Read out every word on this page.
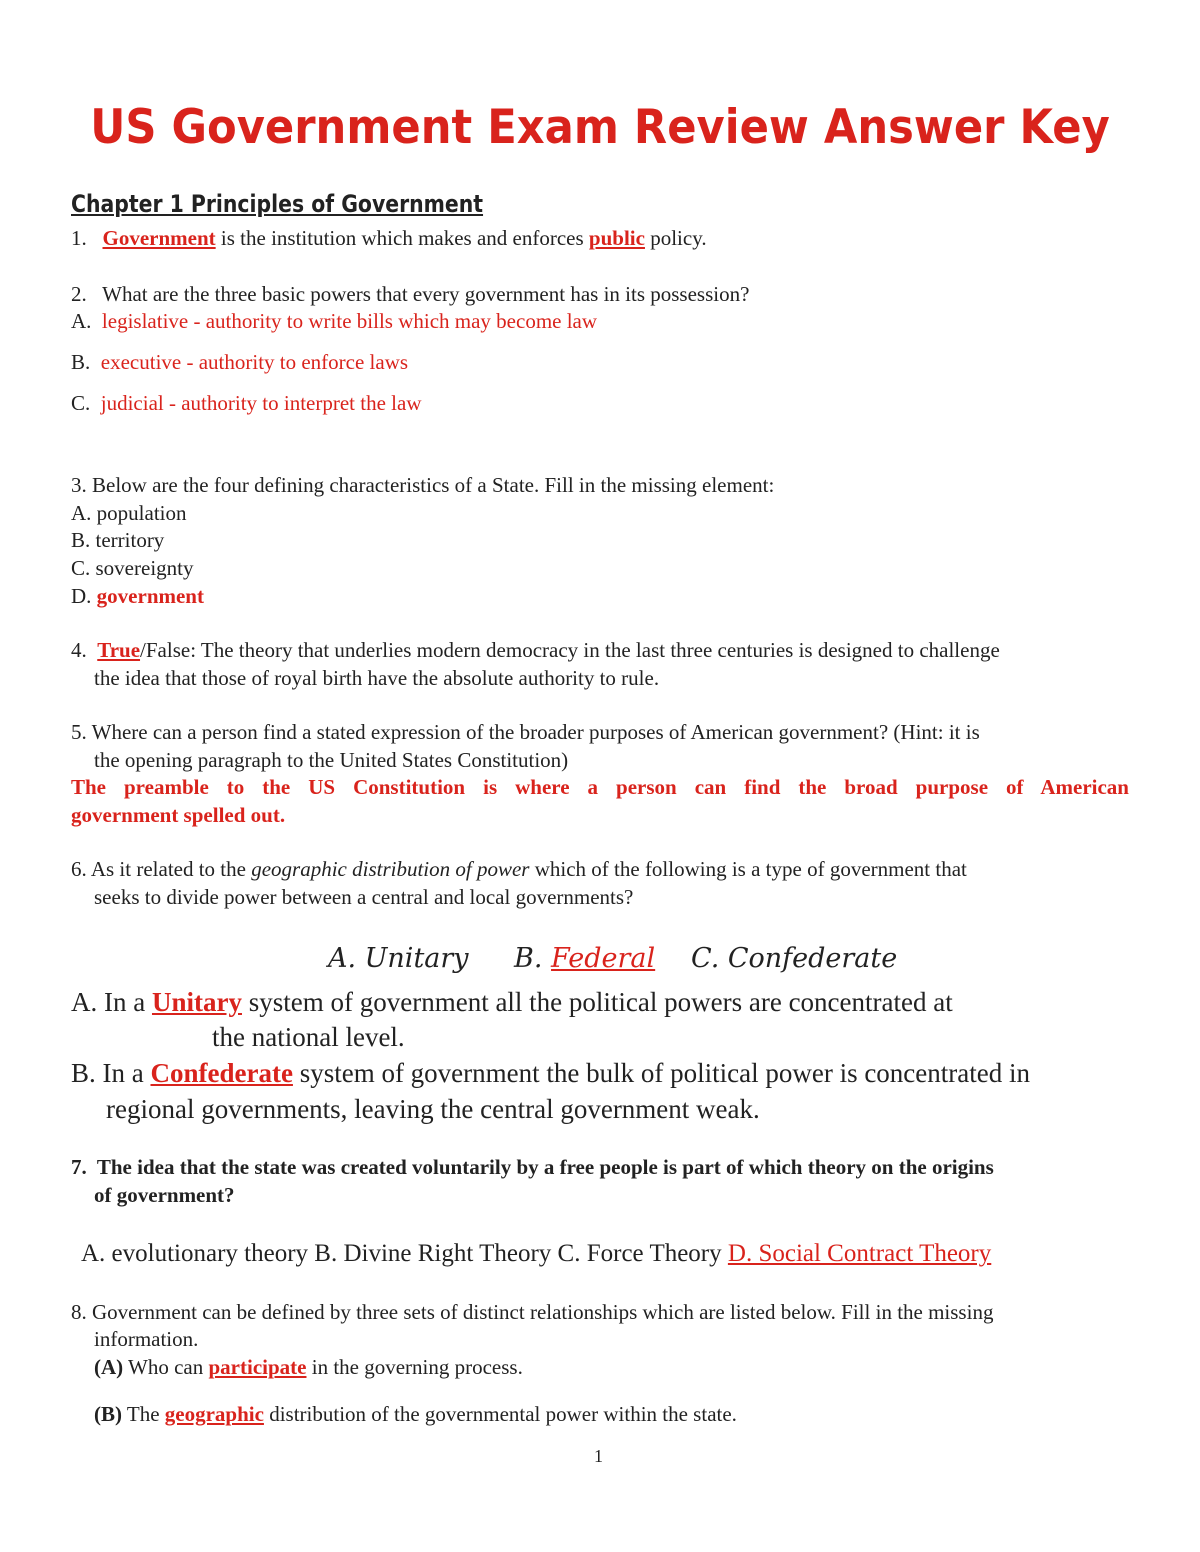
US Government Exam Review Answer Key
Chapter 1 Principles of Government
1. Government is the institution which makes and enforces public policy.
2. What are the three basic powers that every government has in its possession?
A. legislative - authority to write bills which may become law
B. executive - authority to enforce laws
C. judicial - authority to interpret the law
3. Below are the four defining characteristics of a State. Fill in the missing element:
A. population
B. territory
C. sovereignty
D. government
4. True/False: The theory that underlies modern democracy in the last three centuries is designed to challenge
the idea that those of royal birth have the absolute authority to rule.
5. Where can a person find a stated expression of the broader purposes of American government? (Hint: it is
the opening paragraph to the United States Constitution)
The preamble to the US Constitution is where a person can find the broad purpose of American
government spelled out.
6. As it related to the geographic distribution of power which of the following is a type of government that
seeks to divide power between a central and local governments?
A. Unitary B. Federal C. Confederate
A. In a Unitary system of government all the political powers are concentrated at
the national level.
B. In a Confederate system of government the bulk of political power is concentrated in
regional governments, leaving the central government weak.
7. The idea that the state was created voluntarily by a free people is part of which theory on the origins
of government?
A. evolutionary theory B. Divine Right Theory C. Force Theory D. Social Contract Theory
8. Government can be defined by three sets of distinct relationships which are listed below. Fill in the missing
information.
(A) Who can participate in the governing process.
(B) The geographic distribution of the governmental power within the state.
1
